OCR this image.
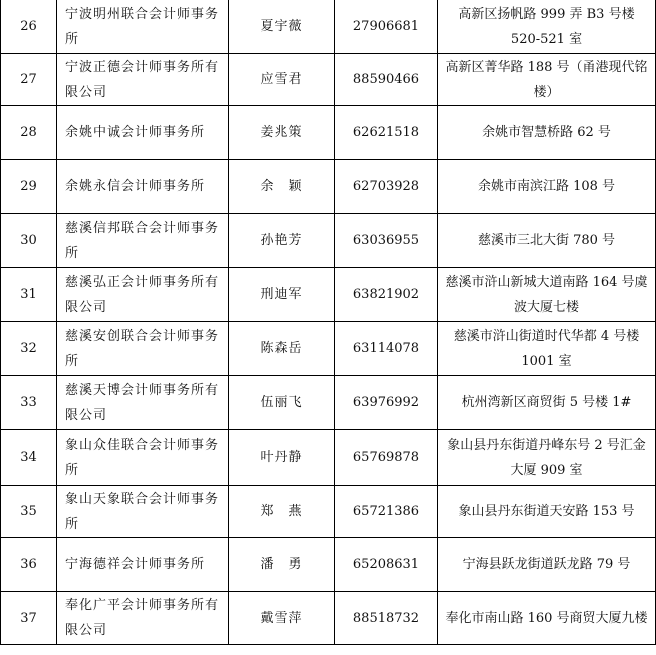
26	宁波明州联合会计师事务所	夏宇薇	27906681	高新区扬帆路 999 弄 B3 号楼 520-521 室
27	宁波正德会计师事务所有限公司	应雪君	88590466	高新区菁华路 188 号（甬港现代铭楼）
28	余姚中诚会计师事务所	姜兆策	62621518	余姚市智慧桥路 62 号
29	余姚永信会计师事务所	余　颖	62703928	余姚市南滨江路 108 号
30	慈溪信邦联合会计师事务所	孙艳芳	63036955	慈溪市三北大街 780 号
31	慈溪弘正会计师事务所有限公司	刑迪军	63821902	慈溪市浒山新城大道南路 164 号虞波大厦七楼
32	慈溪安创联合会计师事务所	陈森岳	63114078	慈溪市浒山街道时代华都 4 号楼 1001 室
33	慈溪天博会计师事务所有限公司	伍丽飞	63976992	杭州湾新区商贸街 5 号楼 1#
34	象山众佳联合会计师事务所	叶丹静	65769878	象山县丹东街道丹峰东号 2 号汇金大厦 909 室
35	象山天象联合会计师事务所	郑　燕	65721386	象山县丹东街道天安路 153 号
36	宁海德祥会计师事务所	潘　勇	65208631	宁海县跃龙街道跃龙路 79 号
37	奉化广平会计师事务所有限公司	戴雪萍	88518732	奉化市南山路 160 号商贸大厦九楼
